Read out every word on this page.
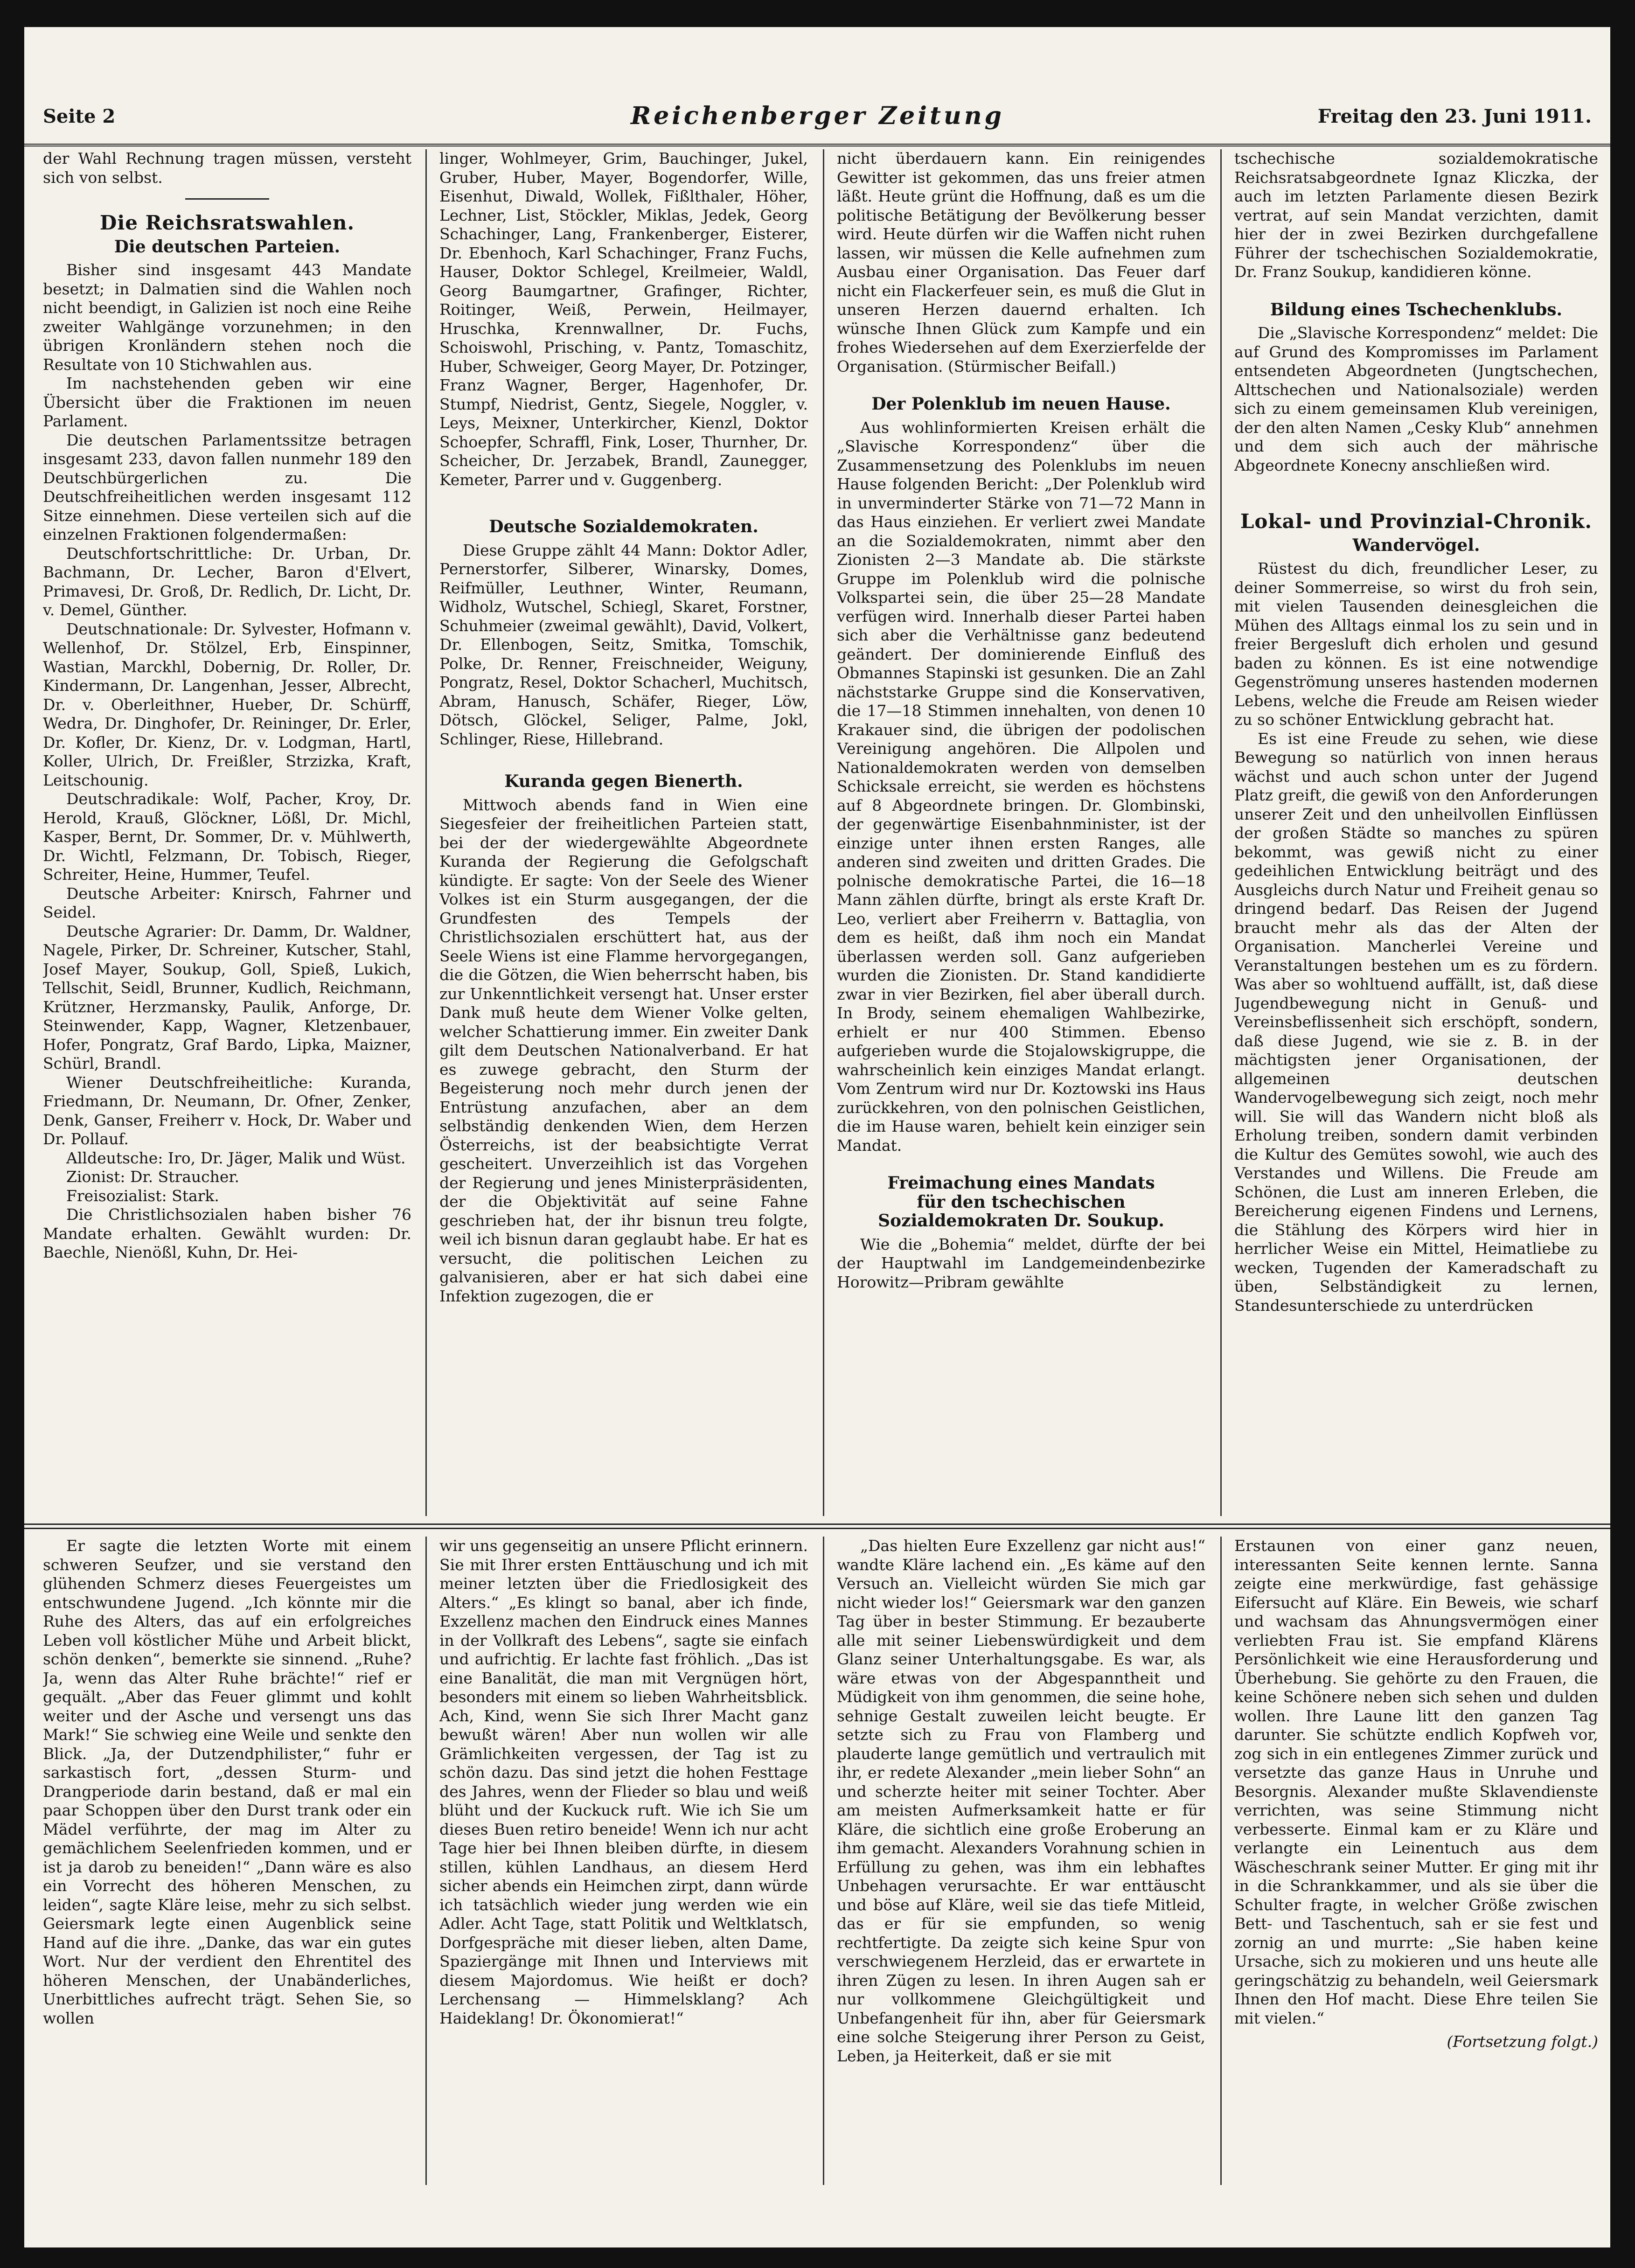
Seite 2	Reichenberger Zeitung	Freitag den 23. Juni 1911.

der Wahl Rechnung tragen müssen, versteht sich von selbst.

Die Reichsratswahlen.
Die deutschen Parteien.

Bisher sind insgesamt 443 Mandate besetzt; in Dalmatien sind die Wahlen noch nicht beendigt, in Galizien ist noch eine Reihe zweiter Wahlgänge vorzunehmen; in den übrigen Kronländern stehen noch die Resultate von 10 Stichwahlen aus.

Im nachstehenden geben wir eine Übersicht über die Fraktionen im neuen Parlament.

Die deutschen Parlamentssitze betragen insgesamt 233, davon fallen nunmehr 189 den Deutschbürgerlichen zu. Die Deutschfreiheitlichen werden insgesamt 112 Sitze einnehmen. Diese verteilen sich auf die einzelnen Fraktionen folgendermaßen:

Deutschfortschrittliche: Dr. Urban, Dr. Bachmann, Dr. Lecher, Baron d'Elvert, Primavesi, Dr. Groß, Dr. Redlich, Dr. Licht, Dr. v. Demel, Günther.

Deutschnationale: Dr. Sylvester, Hofmann v. Wellenhof, Dr. Stölzel, Erb, Einspinner, Wastian, Marckhl, Dobernig, Dr. Roller, Dr. Kindermann, Dr. Langenhan, Jesser, Albrecht, Dr. v. Oberleithner, Hueber, Dr. Schürff, Wedra, Dr. Dinghofer, Dr. Reininger, Dr. Erler, Dr. Kofler, Dr. Kienz, Dr. v. Lodgman, Hartl, Koller, Ulrich, Dr. Freißler, Strzizka, Kraft, Leitschounig.

Deutschradikale: Wolf, Pacher, Kroy, Dr. Herold, Krauß, Glöckner, Lößl, Dr. Michl, Kasper, Bernt, Dr. Sommer, Dr. v. Mühlwerth, Dr. Wichtl, Felzmann, Dr. Tobisch, Rieger, Schreiter, Heine, Hummer, Teufel.

Deutsche Arbeiter: Knirsch, Fahrner und Seidel.

Deutsche Agrarier: Dr. Damm, Dr. Waldner, Nagele, Pirker, Dr. Schreiner, Kutscher, Stahl, Josef Mayer, Soukup, Goll, Spieß, Lukich, Tellschit, Seidl, Brunner, Kudlich, Reichmann, Krützner, Herzmansky, Paulik, Anforge, Dr. Steinwender, Kapp, Wagner, Kletzenbauer, Hofer, Pongratz, Graf Bardo, Lipka, Maizner, Schürl, Brandl.

Wiener Deutschfreiheitliche: Kuranda, Friedmann, Dr. Neumann, Dr. Ofner, Zenker, Denk, Ganser, Freiherr v. Hock, Dr. Waber und Dr. Pollauf.

Alldeutsche: Iro, Dr. Jäger, Malik und Wüst.

Zionist: Dr. Straucher.

Freisozialist: Stark.

Die Christlichsozialen haben bisher 76 Mandate erhalten. Gewählt wurden: Dr. Baechle, Nienößl, Kuhn, Dr. Hei-

linger, Wohlmeyer, Grim, Bauchinger, Jukel, Gruber, Huber, Mayer, Bogendorfer, Wille, Eisenhut, Diwald, Wollek, Fißlthaler, Höher, Lechner, List, Stöckler, Miklas, Jedek, Georg Schachinger, Lang, Frankenberger, Eisterer, Dr. Ebenhoch, Karl Schachinger, Franz Fuchs, Hauser, Doktor Schlegel, Kreilmeier, Waldl, Georg Baumgartner, Grafinger, Richter, Roitinger, Weiß, Perwein, Heilmayer, Hruschka, Krennwallner, Dr. Fuchs, Schoiswohl, Prisching, v. Pantz, Tomaschitz, Huber, Schweiger, Georg Mayer, Dr. Potzinger, Franz Wagner, Berger, Hagenhofer, Dr. Stumpf, Niedrist, Gentz, Siegele, Noggler, v. Leys, Meixner, Unterkircher, Kienzl, Doktor Schoepfer, Schraffl, Fink, Loser, Thurnher, Dr. Scheicher, Dr. Jerzabek, Brandl, Zaunegger, Kemeter, Parrer und v. Guggenberg.

Deutsche Sozialdemokraten.

Diese Gruppe zählt 44 Mann: Doktor Adler, Pernerstorfer, Silberer, Winarsky, Domes, Reifmüller, Leuthner, Winter, Reumann, Widholz, Wutschel, Schiegl, Skaret, Forstner, Schuhmeier (zweimal gewählt), David, Volkert, Dr. Ellenbogen, Seitz, Smitka, Tomschik, Polke, Dr. Renner, Freischneider, Weiguny, Pongratz, Resel, Doktor Schacherl, Muchitsch, Abram, Hanusch, Schäfer, Rieger, Löw, Dötsch, Glöckel, Seliger, Palme, Jokl, Schlinger, Riese, Hillebrand.

Kuranda gegen Bienerth.

Mittwoch abends fand in Wien eine Siegesfeier der freiheitlichen Parteien statt, bei der der wiedergewählte Abgeordnete Kuranda der Regierung die Gefolgschaft kündigte. Er sagte: Von der Seele des Wiener Volkes ist ein Sturm ausgegangen, der die Grundfesten des Tempels der Christlichsozialen erschüttert hat, aus der Seele Wiens ist eine Flamme hervorgegangen, die die Götzen, die Wien beherrscht haben, bis zur Unkenntlichkeit versengt hat. Unser erster Dank muß heute dem Wiener Volke gelten, welcher Schattierung immer. Ein zweiter Dank gilt dem Deutschen Nationalverband. Er hat es zuwege gebracht, den Sturm der Begeisterung noch mehr durch jenen der Entrüstung anzufachen, aber an dem selbständig denkenden Wien, dem Herzen Österreichs, ist der beabsichtigte Verrat gescheitert. Unverzeihlich ist das Vorgehen der Regierung und jenes Ministerpräsidenten, der die Objektivität auf seine Fahne geschrieben hat, der ihr bisnun treu folgte, weil ich bisnun daran geglaubt habe. Er hat es versucht, die politischen Leichen zu galvanisieren, aber er hat sich dabei eine Infektion zugezogen, die er

nicht überdauern kann. Ein reinigendes Gewitter ist gekommen, das uns freier atmen läßt. Heute grünt die Hoffnung, daß es um die politische Betätigung der Bevölkerung besser wird. Heute dürfen wir die Waffen nicht ruhen lassen, wir müssen die Kelle aufnehmen zum Ausbau einer Organisation. Das Feuer darf nicht ein Flackerfeuer sein, es muß die Glut in unseren Herzen dauernd erhalten. Ich wünsche Ihnen Glück zum Kampfe und ein frohes Wiedersehen auf dem Exerzierfelde der Organisation. (Stürmischer Beifall.)

Der Polenklub im neuen Hause.

Aus wohlinformierten Kreisen erhält die „Slavische Korrespondenz“ über die Zusammensetzung des Polenklubs im neuen Hause folgenden Bericht: „Der Polenklub wird in unverminderter Stärke von 71—72 Mann in das Haus einziehen. Er verliert zwei Mandate an die Sozialdemokraten, nimmt aber den Zionisten 2—3 Mandate ab. Die stärkste Gruppe im Polenklub wird die polnische Volkspartei sein, die über 25—28 Mandate verfügen wird. Innerhalb dieser Partei haben sich aber die Verhältnisse ganz bedeutend geändert. Der dominierende Einfluß des Obmannes Stapinski ist gesunken. Die an Zahl nächststarke Gruppe sind die Konservativen, die 17—18 Stimmen innehalten, von denen 10 Krakauer sind, die übrigen der podolischen Vereinigung angehören. Die Allpolen und Nationaldemokraten werden von demselben Schicksale erreicht, sie werden es höchstens auf 8 Abgeordnete bringen. Dr. Glombinski, der gegenwärtige Eisenbahnminister, ist der einzige unter ihnen ersten Ranges, alle anderen sind zweiten und dritten Grades. Die polnische demokratische Partei, die 16—18 Mann zählen dürfte, bringt als erste Kraft Dr. Leo, verliert aber Freiherrn v. Battaglia, von dem es heißt, daß ihm noch ein Mandat überlassen werden soll. Ganz aufgerieben wurden die Zionisten. Dr. Stand kandidierte zwar in vier Bezirken, fiel aber überall durch. In Brody, seinem ehemaligen Wahlbezirke, erhielt er nur 400 Stimmen. Ebenso aufgerieben wurde die Stojalowskigruppe, die wahrscheinlich kein einziges Mandat erlangt. Vom Zentrum wird nur Dr. Koztowski ins Haus zurückkehren, von den polnischen Geistlichen, die im Hause waren, behielt kein einziger sein Mandat.

Freimachung eines Mandats
für den tschechischen Sozialdemokraten Dr. Soukup.

Wie die „Bohemia“ meldet, dürfte der bei der Hauptwahl im Landgemeindenbezirke Horowitz—Pribram gewählte

tschechische sozialdemokratische Reichsratsabgeordnete Ignaz Kliczka, der auch im letzten Parlamente diesen Bezirk vertrat, auf sein Mandat verzichten, damit hier der in zwei Bezirken durchgefallene Führer der tschechischen Sozialdemokratie, Dr. Franz Soukup, kandidieren könne.

Bildung eines Tschechenklubs.

Die „Slavische Korrespondenz“ meldet: Die auf Grund des Kompromisses im Parlament entsendeten Abgeordneten (Jungtschechen, Alttschechen und Nationalsoziale) werden sich zu einem gemeinsamen Klub vereinigen, der den alten Namen „Cesky Klub“ annehmen und dem sich auch der mährische Abgeordnete Konecny anschließen wird.

Lokal- und Provinzial-Chronik.
Wandervögel.

Rüstest du dich, freundlicher Leser, zu deiner Sommerreise, so wirst du froh sein, mit vielen Tausenden deinesgleichen die Mühen des Alltags einmal los zu sein und in freier Bergesluft dich erholen und gesund baden zu können. Es ist eine notwendige Gegenströmung unseres hastenden modernen Lebens, welche die Freude am Reisen wieder zu so schöner Entwicklung gebracht hat.

Es ist eine Freude zu sehen, wie diese Bewegung so natürlich von innen heraus wächst und auch schon unter der Jugend Platz greift, die gewiß von den Anforderungen unserer Zeit und den unheilvollen Einflüssen der großen Städte so manches zu spüren bekommt, was gewiß nicht zu einer gedeihlichen Entwicklung beiträgt und des Ausgleichs durch Natur und Freiheit genau so dringend bedarf. Das Reisen der Jugend braucht mehr als das der Alten der Organisation. Mancherlei Vereine und Veranstaltungen bestehen um es zu fördern. Was aber so wohltuend auffällt, ist, daß diese Jugendbewegung nicht in Genuß- und Vereinsbeflissenheit sich erschöpft, sondern, daß diese Jugend, wie sie z. B. in der mächtigsten jener Organisationen, der allgemeinen deutschen Wandervogelbewegung sich zeigt, noch mehr will. Sie will das Wandern nicht bloß als Erholung treiben, sondern damit verbinden die Kultur des Gemütes sowohl, wie auch des Verstandes und Willens. Die Freude am Schönen, die Lust am inneren Erleben, die Bereicherung eigenen Findens und Lernens, die Stählung des Körpers wird hier in herrlicher Weise ein Mittel, Heimatliebe zu wecken, Tugenden der Kameradschaft zu üben, Selbständigkeit zu lernen, Standesunterschiede zu unterdrücken

Er sagte die letzten Worte mit einem schweren Seufzer, und sie verstand den glühenden Schmerz dieses Feuergeistes um entschwundene Jugend. „Ich könnte mir die Ruhe des Alters, das auf ein erfolgreiches Leben voll köstlicher Mühe und Arbeit blickt, schön denken“, bemerkte sie sinnend. „Ruhe? Ja, wenn das Alter Ruhe brächte!“ rief er gequält. „Aber das Feuer glimmt und kohlt weiter und der Asche und versengt uns das Mark!“ Sie schwieg eine Weile und senkte den Blick. „Ja, der Dutzendphilister,“ fuhr er sarkastisch fort, „dessen Sturm- und Drangperiode darin bestand, daß er mal ein paar Schoppen über den Durst trank oder ein Mädel verführte, der mag im Alter zu gemächlichem Seelenfrieden kommen, und er ist ja darob zu beneiden!“ „Dann wäre es also ein Vorrecht des höheren Menschen, zu leiden“, sagte Kläre leise, mehr zu sich selbst. Geiersmark legte einen Augenblick seine Hand auf die ihre. „Danke, das war ein gutes Wort. Nur der verdient den Ehrentitel des höheren Menschen, der Unabänderliches, Unerbittliches aufrecht trägt. Sehen Sie, so wollen

wir uns gegenseitig an unsere Pflicht erinnern. Sie mit Ihrer ersten Enttäuschung und ich mit meiner letzten über die Friedlosigkeit des Alters.“ „Es klingt so banal, aber ich finde, Exzellenz machen den Eindruck eines Mannes in der Vollkraft des Lebens“, sagte sie einfach und aufrichtig. Er lachte fast fröhlich. „Das ist eine Banalität, die man mit Vergnügen hört, besonders mit einem so lieben Wahrheitsblick. Ach, Kind, wenn Sie sich Ihrer Macht ganz bewußt wären! Aber nun wollen wir alle Grämlichkeiten vergessen, der Tag ist zu schön dazu. Das sind jetzt die hohen Festtage des Jahres, wenn der Flieder so blau und weiß blüht und der Kuckuck ruft. Wie ich Sie um dieses Buen retiro beneide! Wenn ich nur acht Tage hier bei Ihnen bleiben dürfte, in diesem stillen, kühlen Landhaus, an diesem Herd sicher abends ein Heimchen zirpt, dann würde ich tatsächlich wieder jung werden wie ein Adler. Acht Tage, statt Politik und Weltklatsch, Dorfgespräche mit dieser lieben, alten Dame, Spaziergänge mit Ihnen und Interviews mit diesem Majordomus. Wie heißt er doch? Lerchensang — Himmelsklang? Ach Haideklang! Dr. Ökonomierat!“

„Das hielten Eure Exzellenz gar nicht aus!“ wandte Kläre lachend ein. „Es käme auf den Versuch an. Vielleicht würden Sie mich gar nicht wieder los!“ Geiersmark war den ganzen Tag über in bester Stimmung. Er bezauberte alle mit seiner Liebenswürdigkeit und dem Glanz seiner Unterhaltungsgabe. Es war, als wäre etwas von der Abgespanntheit und Müdigkeit von ihm genommen, die seine hohe, sehnige Gestalt zuweilen leicht beugte. Er setzte sich zu Frau von Flamberg und plauderte lange gemütlich und vertraulich mit ihr, er redete Alexander „mein lieber Sohn“ an und scherzte heiter mit seiner Tochter. Aber am meisten Aufmerksamkeit hatte er für Kläre, die sichtlich eine große Eroberung an ihm gemacht. Alexanders Vorahnung schien in Erfüllung zu gehen, was ihm ein lebhaftes Unbehagen verursachte. Er war enttäuscht und böse auf Kläre, weil sie das tiefe Mitleid, das er für sie empfunden, so wenig rechtfertigte. Da zeigte sich keine Spur von verschwiegenem Herzleid, das er erwartete in ihren Zügen zu lesen. In ihren Augen sah er nur vollkommene Gleichgültigkeit und Unbefangenheit für ihn, aber für Geiersmark eine solche Steigerung ihrer Person zu Geist, Leben, ja Heiterkeit, daß er sie mit

Erstaunen von einer ganz neuen, interessanten Seite kennen lernte. Sanna zeigte eine merkwürdige, fast gehässige Eifersucht auf Kläre. Ein Beweis, wie scharf und wachsam das Ahnungsvermögen einer verliebten Frau ist. Sie empfand Klärens Persönlichkeit wie eine Herausforderung und Überhebung. Sie gehörte zu den Frauen, die keine Schönere neben sich sehen und dulden wollen. Ihre Laune litt den ganzen Tag darunter. Sie schützte endlich Kopfweh vor, zog sich in ein entlegenes Zimmer zurück und versetzte das ganze Haus in Unruhe und Besorgnis. Alexander mußte Sklavendienste verrichten, was seine Stimmung nicht verbesserte. Einmal kam er zu Kläre und verlangte ein Leinentuch aus dem Wäscheschrank seiner Mutter. Er ging mit ihr in die Schrankkammer, und als sie über die Schulter fragte, in welcher Größe zwischen Bett- und Taschentuch, sah er sie fest und zornig an und murrte: „Sie haben keine Ursache, sich zu mokieren und uns heute alle geringschätzig zu behandeln, weil Geiersmark Ihnen den Hof macht. Diese Ehre teilen Sie mit vielen.“

(Fortsetzung folgt.)
